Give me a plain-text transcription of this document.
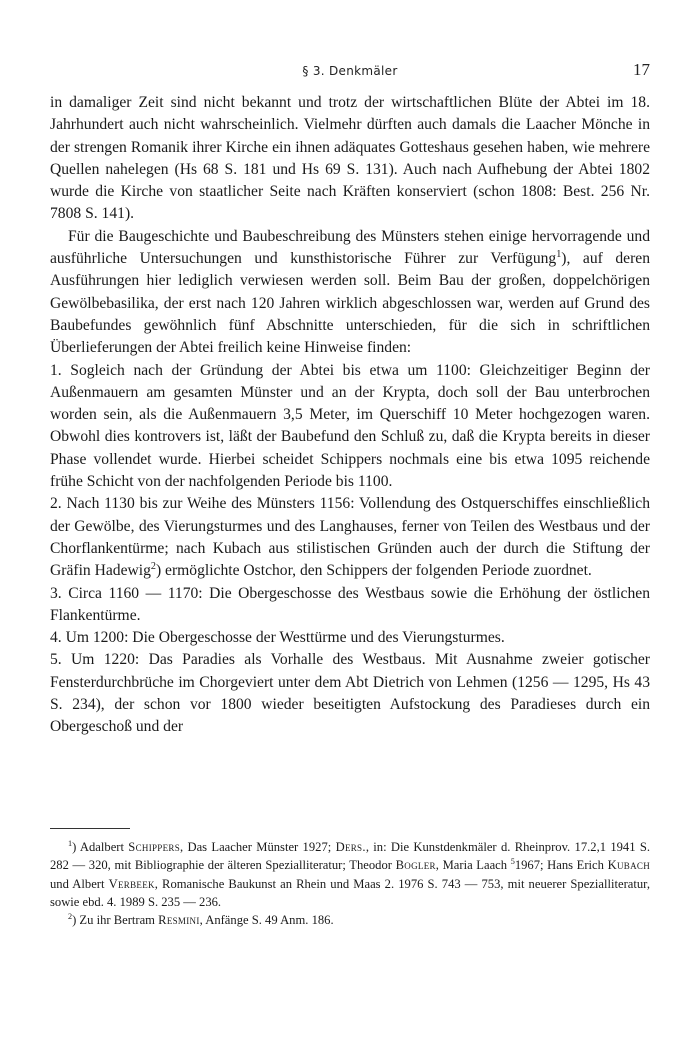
§ 3. Denkmäler	17

in damaliger Zeit sind nicht bekannt und trotz der wirtschaftlichen Blüte der Abtei im 18. Jahrhundert auch nicht wahrscheinlich. Vielmehr dürften auch damals die Laacher Mönche in der strengen Romanik ihrer Kirche ein ihnen adäquates Gotteshaus gesehen haben, wie mehrere Quellen nahelegen (Hs 68 S. 181 und Hs 69 S. 131). Auch nach Aufhebung der Abtei 1802 wurde die Kirche von staatlicher Seite nach Kräften konserviert (schon 1808: Best. 256 Nr. 7808 S. 141).

Für die Baugeschichte und Baubeschreibung des Münsters stehen einige hervorragende und ausführliche Untersuchungen und kunsthistorische Führer zur Verfügung$^1$), auf deren Ausführungen hier lediglich verwiesen werden soll. Beim Bau der großen, doppelchörigen Gewölbebasilika, der erst nach 120 Jahren wirklich abgeschlossen war, werden auf Grund des Baubefundes gewöhnlich fünf Abschnitte unterschieden, für die sich in schriftlichen Überlieferungen der Abtei freilich keine Hinweise finden:

1. Sogleich nach der Gründung der Abtei bis etwa um 1100: Gleichzeitiger Beginn der Außenmauern am gesamten Münster und an der Krypta, doch soll der Bau unterbrochen worden sein, als die Außenmauern 3,5 Meter, im Querschiff 10 Meter hochgezogen waren. Obwohl dies kontrovers ist, läßt der Baubefund den Schluß zu, daß die Krypta bereits in dieser Phase vollendet wurde. Hierbei scheidet Schippers nochmals eine bis etwa 1095 reichende frühe Schicht von der nachfolgenden Periode bis 1100.

2. Nach 1130 bis zur Weihe des Münsters 1156: Vollendung des Ostquerschiffes einschließlich der Gewölbe, des Vierungsturmes und des Langhauses, ferner von Teilen des Westbaus und der Chorflankentürme; nach Kubach aus stilistischen Gründen auch der durch die Stiftung der Gräfin Hadewig$^2$) ermöglichte Ostchor, den Schippers der folgenden Periode zuordnet.

3. Circa 1160 — 1170: Die Obergeschosse des Westbaus sowie die Erhöhung der östlichen Flankentürme.

4. Um 1200: Die Obergeschosse der Westtürme und des Vierungsturmes.

5. Um 1220: Das Paradies als Vorhalle des Westbaus. Mit Ausnahme zweier gotischer Fensterdurchbrüche im Chorgeviert unter dem Abt Dietrich von Lehmen (1256 — 1295, Hs 43 S. 234), der schon vor 1800 wieder beseitigten Aufstockung des Paradieses durch ein Obergeschoß und der

$^1$) Adalbert Schippers, Das Laacher Münster 1927; Ders., in: Die Kunstdenkmäler d. Rheinprov. 17.2,1 1941 S. 282 — 320, mit Bibliographie der älteren Spezialliteratur; Theodor Bogler, Maria Laach $^5$1967; Hans Erich Kubach und Albert Verbeek, Romanische Baukunst an Rhein und Maas 2. 1976 S. 743 — 753, mit neuerer Spezialliteratur, sowie ebd. 4. 1989 S. 235 — 236.

$^2$) Zu ihr Bertram Resmini, Anfänge S. 49 Anm. 186.
